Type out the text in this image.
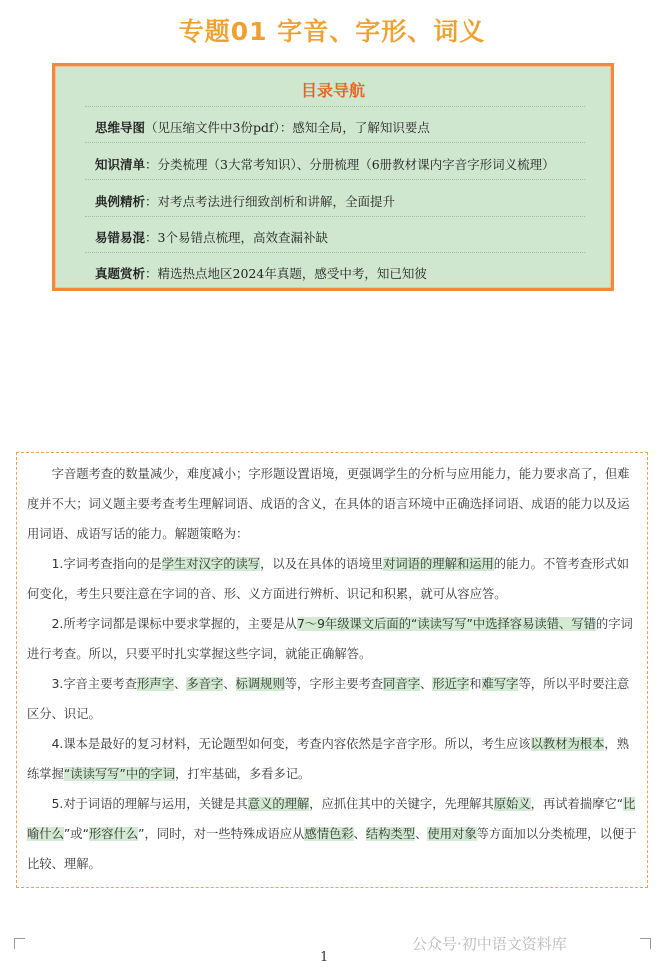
专题01 字音、字形、词义
目录导航
思维导图（见压缩文件中3份pdf）：感知全局，了解知识要点
知识清单：分类梳理（3大常考知识）、分册梳理（6册教材课内字音字形词义梳理）
典例精析：对考点考法进行细致剖析和讲解，全面提升
易错易混：3个易错点梳理，高效查漏补缺
真题赏析：精选热点地区2024年真题，感受中考，知已知彼
字音题考查的数量减少，难度减小；字形题设置语境，更强调学生的分析与应用能力，能力要求高了，但难度并不大；词义题主要考查考生理解词语、成语的含义，在具体的语言环境中正确选择词语、成语的能力以及运用词语、成语写话的能力。解题策略为：
1.字词考查指向的是学生对汉字的读写，以及在具体的语境里对词语的理解和运用的能力。不管考查形式如何变化，考生只要注意在字词的音、形、义方面进行辨析、识记和积累，就可从容应答。
2.所考字词都是课标中要求掌握的，主要是从7～9年级课文后面的“读读写写”中选择容易读错、写错的字词进行考查。所以，只要平时扎实掌握这些字词，就能正确解答。
3.字音主要考查形声字、多音字、标调规则等，字形主要考查同音字、形近字和难写字等，所以平时要注意区分、识记。
4.课本是最好的复习材料，无论题型如何变，考查内容依然是字音字形。所以，考生应该以教材为根本，熟练掌握“读读写写”中的字词，打牢基础，多看多记。
5.对于词语的理解与运用，关键是其意义的理解，应抓住其中的关键字，先理解其原始义，再试着揣摩它“比喻什么”或“形容什么”，同时，对一些特殊成语应从感情色彩、结构类型、使用对象等方面加以分类梳理，以便于比较、理解。
公众号·初中语文资料库
1
